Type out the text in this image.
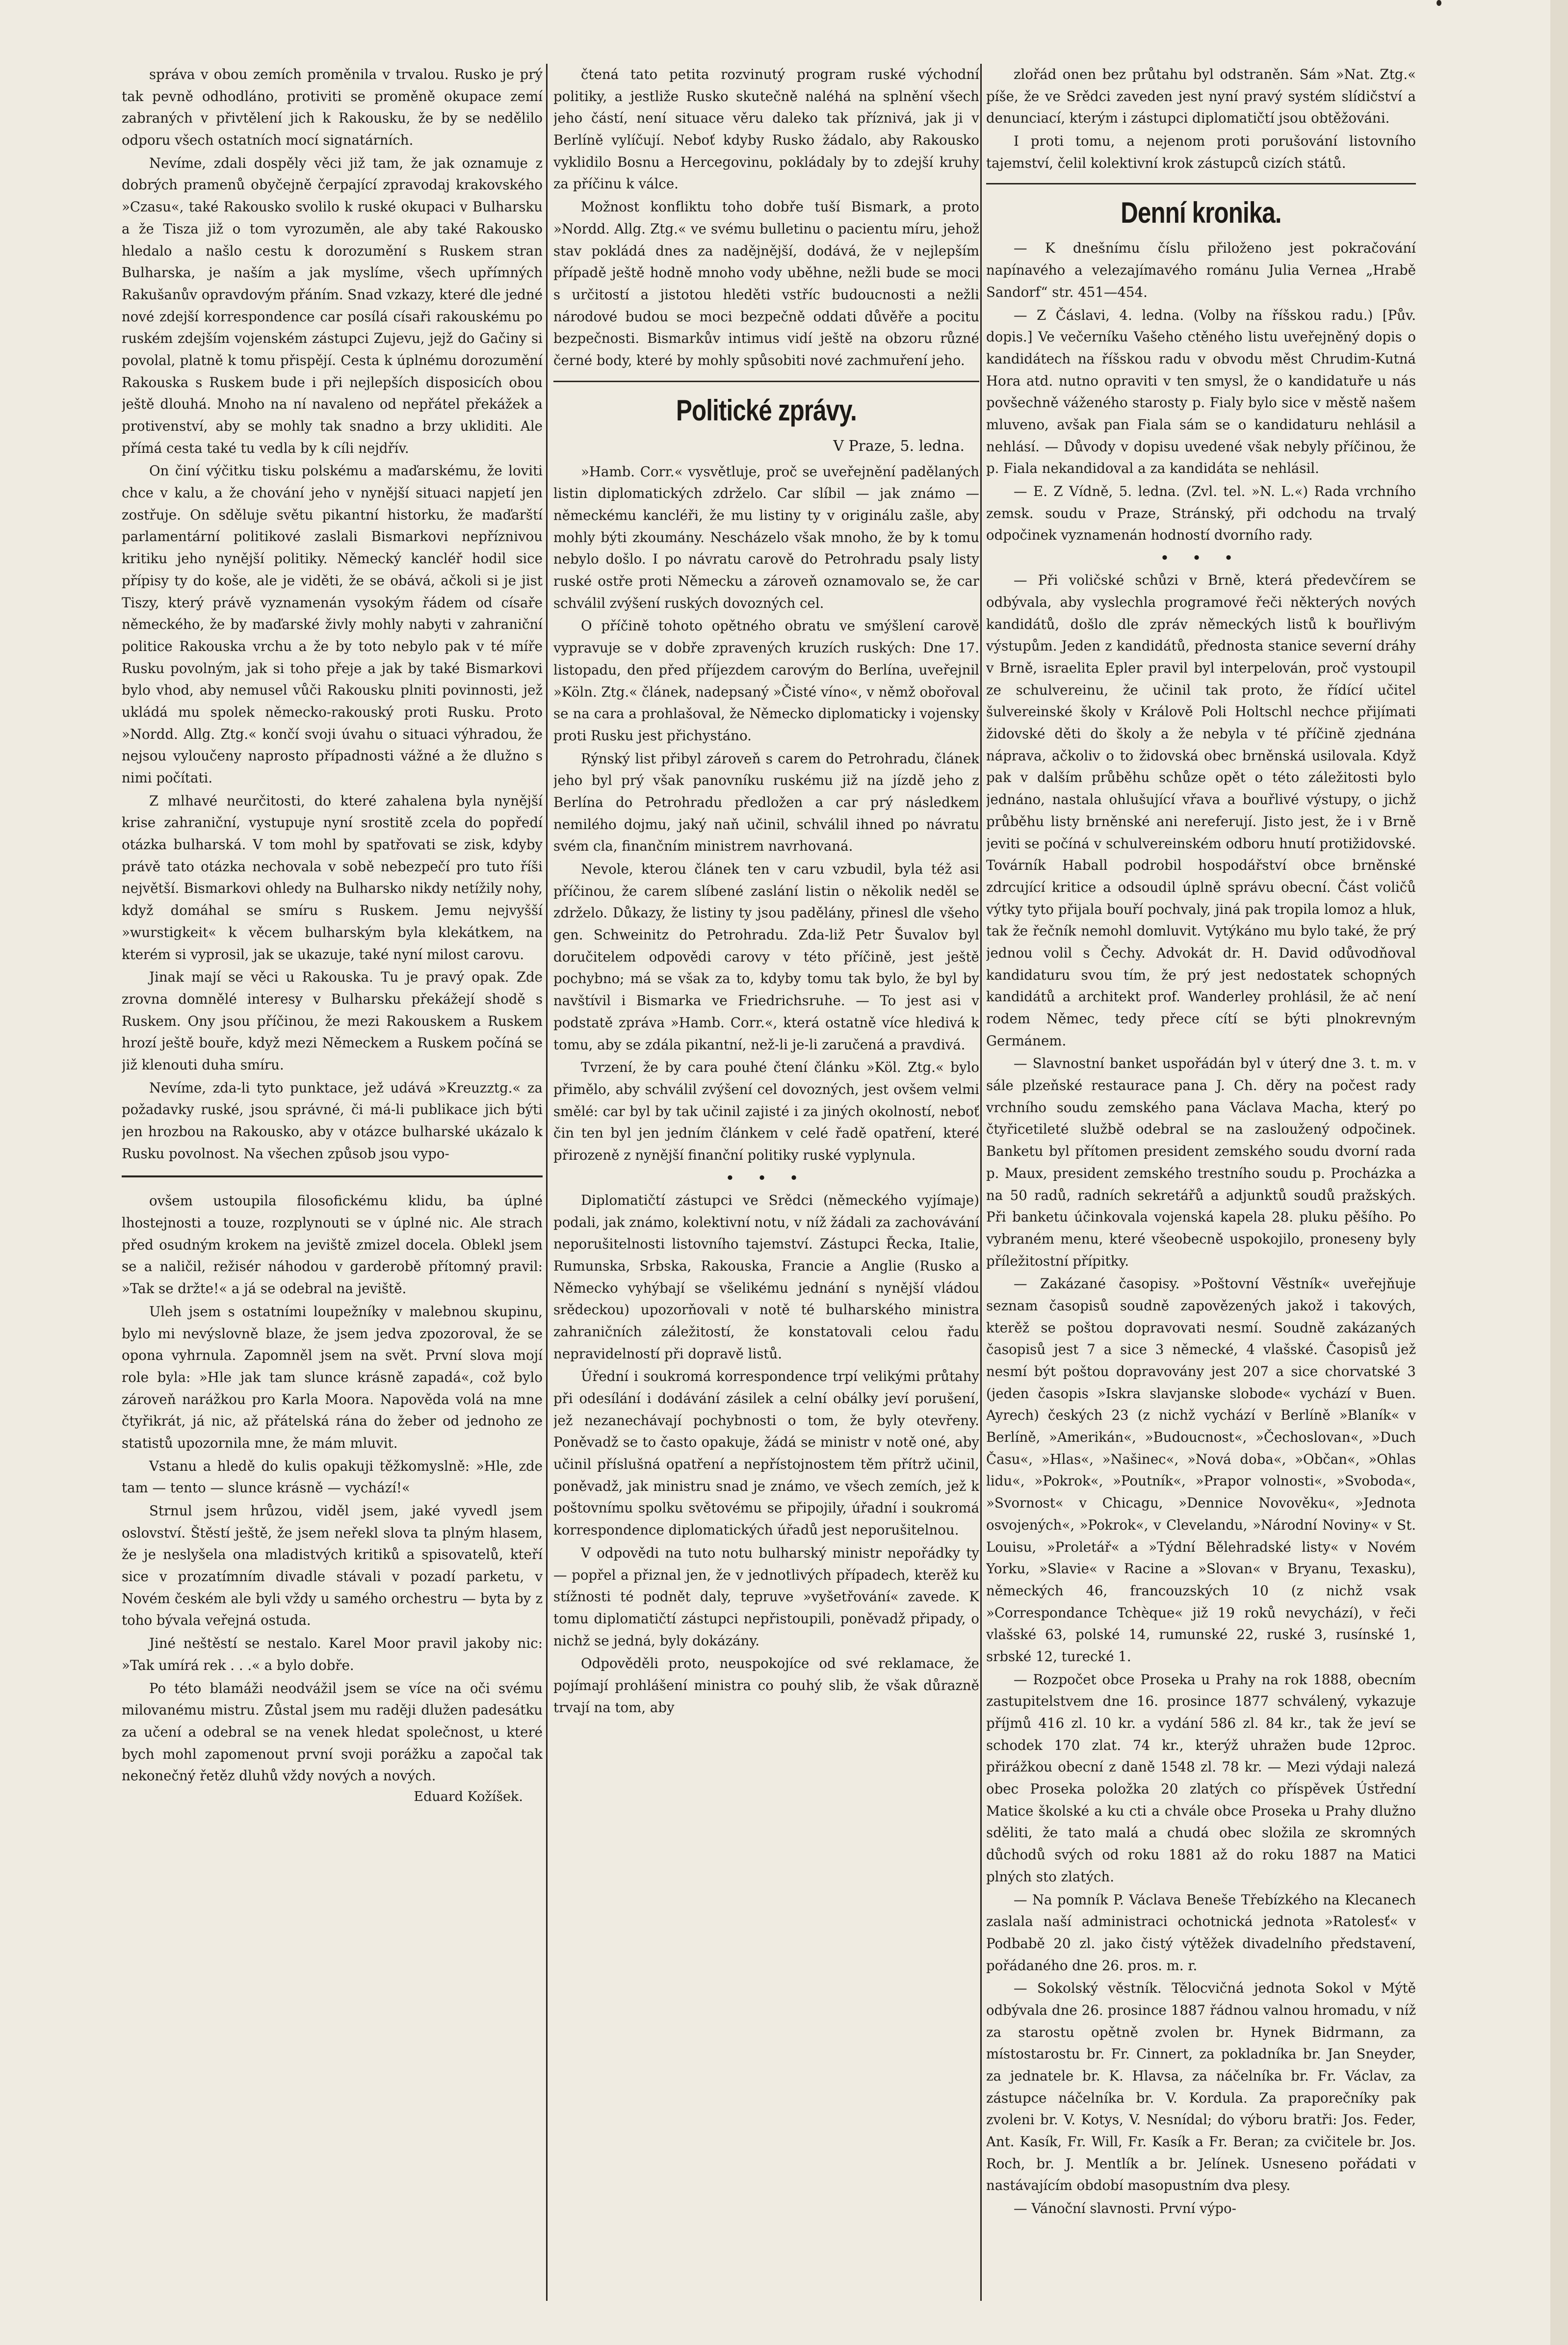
správa v obou zemích proměnila v trvalou. Rusko je prý tak pevně odhodláno, protiviti se proměně okupace zemí zabraných v přivtělení jich k Rakousku, že by se nedělilo odporu všech ostatních mocí signatárních.

Nevíme, zdali dospěly věci již tam, že jak oznamuje z dobrých pramenů obyčejně čerpající zpravodaj krakovského »Czasu«, také Rakousko svolilo k ruské okupaci v Bulharsku a že Tisza již o tom vyrozuměn, ale aby také Rakousko hledalo a našlo cestu k dorozumění s Ruskem stran Bulharska, je naším a jak myslíme, všech upřímných Rakušanův opravdovým přáním. Snad vzkazy, které dle jedné nové zdejší korrespondence car posílá císaři rakouskému po ruském zdejším vojenském zástupci Zujevu, jejž do Gačiny si povolal, platně k tomu přispějí. Cesta k úplnému dorozumění Rakouska s Ruskem bude i při nejlepších disposicích obou ještě dlouhá. Mnoho na ní navaleno od nepřátel překážek a protivenství, aby se mohly tak snadno a brzy ukliditi. Ale přímá cesta také tu vedla by k cíli nejdřív.

On činí výčitku tisku polskému a maďarskému, že loviti chce v kalu, a že chování jeho v nynější situaci napjetí jen zostřuje. On sděluje světu pikantní historku, že maďarští parlamentární politikové zaslali Bismarkovi nepříznivou kritiku jeho nynější politiky. Německý kancléř hodil sice přípisy ty do koše, ale je viděti, že se obává, ačkoli si je jist Tiszy, který právě vyznamenán vysokým řádem od císaře německého, že by maďarské živly mohly nabyti v zahraniční politice Rakouska vrchu a že by toto nebylo pak v té míře Rusku povolným, jak si toho přeje a jak by také Bismarkovi bylo vhod, aby nemusel vůči Rakousku plniti povinnosti, jež ukládá mu spolek německo-rakouský proti Rusku. Proto »Nordd. Allg. Ztg.« končí svoji úvahu o situaci výhradou, že nejsou vyloučeny naprosto případnosti vážné a že dlužno s nimi počítati.

Z mlhavé neurčitosti, do které zahalena byla nynější krise zahraniční, vystupuje nyní srostitě zcela do popředí otázka bulharská. V tom mohl by spatřovati se zisk, kdyby právě tato otázka nechovala v sobě nebezpečí pro tuto říši největší. Bismarkovi ohledy na Bulharsko nikdy netížily nohy, když domáhal se smíru s Ruskem. Jemu nejvyšší »wurstigkeit« k věcem bulharským byla klekátkem, na kterém si vyprosil, jak se ukazuje, také nyní milost carovu.

Jinak mají se věci u Rakouska. Tu je pravý opak. Zde zrovna domnělé interesy v Bulharsku překážejí shodě s Ruskem. Ony jsou příčinou, že mezi Rakouskem a Ruskem hrozí ještě bouře, když mezi Německem a Ruskem počíná se již klenouti duha smíru.

Nevíme, zda-li tyto punktace, jež udává »Kreuzztg.« za požadavky ruské, jsou správné, či má-li publikace jich býti jen hrozbou na Rakousko, aby v otázce bulharské ukázalo k Rusku povolnost. Na všechen způsob jsou vypo-

ovšem ustoupila filosofickému klidu, ba úplné lhostejnosti a touze, rozplynouti se v úplné nic. Ale strach před osudným krokem na jeviště zmizel docela. Oblekl jsem se a naličil, režisér náhodou v garderobě přítomný pravil: »Tak se držte!« a já se odebral na jeviště.

Uleh jsem s ostatními loupežníky v malebnou skupinu, bylo mi nevýslovně blaze, že jsem jedva zpozoroval, že se opona vyhrnula. Zapomněl jsem na svět. První slova mojí role byla: »Hle jak tam slunce krásně zapadá«, což bylo zároveň narážkou pro Karla Moora. Napověda volá na mne čtyřikrát, já nic, až přátelská rána do žeber od jednoho ze statistů upozornila mne, že mám mluvit.

Vstanu a hledě do kulis opakuji těžkomyslně: »Hle, zde tam — tento — slunce krásně — vychází!«

Strnul jsem hrůzou, viděl jsem, jaké vyvedl jsem oslovství. Štěstí ještě, že jsem neřekl slova ta plným hlasem, že je neslyšela ona mladistvých kritiků a spisovatelů, kteří sice v prozatímním divadle stávali v pozadí parketu, v Novém českém ale byli vždy u samého orchestru — byta by z toho bývala veřejná ostuda.

Jiné neštěstí se nestalo. Karel Moor pravil jakoby nic: »Tak umírá rek . . .« a bylo dobře.

Po této blamáži neodvážil jsem se více na oči svému milovanému mistru. Zůstal jsem mu raději dlužen padesátku za učení a odebral se na venek hledat společnost, u které bych mohl zapomenout první svoji porážku a započal tak nekonečný řetěz dluhů vždy nových a nových.

Eduard Kožíšek.

čtená tato petita rozvinutý program ruské východní politiky, a jestliže Rusko skutečně naléhá na splnění všech jeho částí, není situace věru daleko tak příznivá, jak ji v Berlíně vylíčují. Neboť kdyby Rusko žádalo, aby Rakousko vyklidilo Bosnu a Hercegovinu, pokládaly by to zdejší kruhy za příčinu k válce.

Možnost konfliktu toho dobře tuší Bismark, a proto »Nordd. Allg. Ztg.« ve svému bulletinu o pacientu míru, jehož stav pokládá dnes za nadějnější, dodává, že v nejlepším případě ještě hodně mnoho vody uběhne, nežli bude se moci s určitostí a jistotou hleděti vstříc budoucnosti a nežli národové budou se moci bezpečně oddati důvěře a pocitu bezpečnosti. Bismarkův intimus vidí ještě na obzoru různé černé body, které by mohly spůsobiti nové zachmuření jeho.

Politické zprávy.
V Praze, 5. ledna.

»Hamb. Corr.« vysvětluje, proč se uveřejnění padělaných listin diplomatických zdrželo. Car slíbil — jak známo — německému kancléři, že mu listiny ty v originálu zašle, aby mohly býti zkoumány. Nescházelo však mnoho, že by k tomu nebylo došlo. I po návratu carově do Petrohradu psaly listy ruské ostře proti Německu a zároveň oznamovalo se, že car schválil zvýšení ruských dovozných cel.

O příčině tohoto opětného obratu ve smýšlení carově vypravuje se v dobře zpravených kruzích ruských: Dne 17. listopadu, den před příjezdem carovým do Berlína, uveřejnil »Köln. Ztg.« článek, nadepsaný »Čisté víno«, v němž obořoval se na cara a prohlašoval, že Německo diplomaticky i vojensky proti Rusku jest přichystáno.

Rýnský list přibyl zároveň s carem do Petrohradu, článek jeho byl prý však panovníku ruskému již na jízdě jeho z Berlína do Petrohradu předložen a car prý následkem nemilého dojmu, jaký naň učinil, schválil ihned po návratu svém cla, finančním ministrem navrhovaná.

Nevole, kterou článek ten v caru vzbudil, byla též asi příčinou, že carem slíbené zaslání listin o několik neděl se zdrželo. Důkazy, že listiny ty jsou padělány, přinesl dle všeho gen. Schweinitz do Petrohradu. Zda-liž Petr Šuvalov byl doručitelem odpovědi carovy v této příčině, jest ještě pochybno; má se však za to, kdyby tomu tak bylo, že byl by navštívil i Bismarka ve Friedrichsruhe. — To jest asi v podstatě zpráva »Hamb. Corr.«, která ostatně více hledivá k tomu, aby se zdála pikantní, než-li je-li zaručená a pravdivá.

Tvrzení, že by cara pouhé čtení článku »Köl. Ztg.« bylo přimělo, aby schválil zvýšení cel dovozných, jest ovšem velmi smělé: car byl by tak učinil zajisté i za jiných okolností, neboť čin ten byl jen jedním článkem v celé řadě opatření, které přirozeně z nynější finanční politiky ruské vyplynula.

• • •

Diplomatičtí zástupci ve Srědci (německého vyjímaje) podali, jak známo, kolektivní notu, v níž žádali za zachovávání neporušitelnosti listovního tajemství. Zástupci Řecka, Italie, Rumunska, Srbska, Rakouska, Francie a Anglie (Rusko a Německo vyhýbají se všelikému jednání s nynější vládou srědeckou) upozorňovali v notě té bulharského ministra zahraničních záležitostí, že konstatovali celou řadu nepravidelností při dopravě listů.

Úřední i soukromá korrespondence trpí velikými průtahy při odesílání i dodávání zásilek a celní obálky jeví porušení, jež nezanechávají pochybnosti o tom, že byly otevřeny. Poněvadž se to často opakuje, žádá se ministr v notě oné, aby učinil příslušná opatření a nepřístojnostem těm přítrž učinil, poněvadž, jak ministru snad je známo, ve všech zemích, jež k poštovnímu spolku světovému se připojily, úřadní i soukromá korrespondence diplomatických úřadů jest neporušitelnou.

V odpovědi na tuto notu bulharský ministr nepořádky ty — popřel a přiznal jen, že v jednotlivých případech, kterěž ku stížnosti té podnět daly, tepruve »vyšetřování« zavede. K tomu diplomatičtí zástupci nepřistoupili, poněvadž připady, o nichž se jedná, byly dokázány.

Odpověděli proto, neuspokojíce od své reklamace, že pojímají prohlášení ministra co pouhý slib, že však důrazně trvají na tom, aby

zlořád onen bez průtahu byl odstraněn. Sám »Nat. Ztg.« píše, že ve Srědci zaveden jest nyní pravý systém slídičství a denunciací, kterým i zástupci diplomatičtí jsou obtěžováni.

I proti tomu, a nejenom proti porušování listovního tajemství, čelil kolektivní krok zástupců cizích států.

Denní kronika.

— K dnešnímu číslu přiloženo jest pokračování napínavého a velezajímavého románu Julia Vernea „Hrabě Sandorf“ str. 451—454.

— Z Čáslavi, 4. ledna. (Volby na říšskou radu.) [Pův. dopis.] Ve večerníku Vašeho ctěného listu uveřejněný dopis o kandidátech na říšskou radu v obvodu měst Chrudim-Kutná Hora atd. nutno opraviti v ten smysl, že o kandidatuře u nás povšechně váženého starosty p. Fialy bylo sice v městě našem mluveno, avšak pan Fiala sám se o kandidaturu nehlásil a nehlásí. — Důvody v dopisu uvedené však nebyly příčinou, že p. Fiala nekandidoval a za kandidáta se nehlásil.

— E. Z Vídně, 5. ledna. (Zvl. tel. »N. L.«) Rada vrchního zemsk. soudu v Praze, Stránský, při odchodu na trvalý odpočinek vyznamenán hodností dvorního rady.

• • •

— Při voličské schůzi v Brně, která předevčírem se odbývala, aby vyslechla programové řeči některých nových kandidátů, došlo dle zpráv německých listů k bouřlivým výstupům. Jeden z kandidátů, přednosta stanice severní dráhy v Brně, israelita Epler pravil byl interpelován, proč vystoupil ze schulvereinu, že učinil tak proto, že řídící učitel šulvereinské školy v Králově Poli Holtschl nechce přijímati židovské děti do školy a že nebyla v té příčině zjednána náprava, ačkoliv o to židovská obec brněnská usilovala. Když pak v dalším průběhu schůze opět o této záležitosti bylo jednáno, nastala ohlušující vřava a bouřlivé výstupy, o jichž průběhu listy brněnské ani nereferují. Jisto jest, že i v Brně jeviti se počíná v schulvereinském odboru hnutí protižidovské. Továrník Haball podrobil hospodářství obce brněnské zdrcující kritice a odsoudil úplně správu obecní. Část voličů výtky tyto přijala bouří pochvaly, jiná pak tropila lomoz a hluk, tak že řečník nemohl domluvit. Vytýkáno mu bylo také, že prý jednou volil s Čechy. Advokát dr. H. David odůvodňoval kandidaturu svou tím, že prý jest nedostatek schopných kandidátů a architekt prof. Wanderley prohlásil, že ač není rodem Němec, tedy přece cítí se býti plnokrevným Germánem.

— Slavnostní banket uspořádán byl v úterý dne 3. t. m. v sále plzeňské restaurace pana J. Ch. děry na počest rady vrchního soudu zemského pana Václava Macha, který po čtyřicetileté službě odebral se na zasloužený odpočinek. Banketu byl přítomen president zemského soudu dvorní rada p. Maux, president zemského trestního soudu p. Procházka a na 50 radů, radních sekretářů a adjunktů soudů pražských. Při banketu účinkovala vojenská kapela 28. pluku pěšího. Po vybraném menu, které všeobecně uspokojilo, proneseny byly příležitostní přípitky.

— Zakázané časopisy. »Poštovní Věstník« uveřejňuje seznam časopisů soudně zapovězených jakož i takových, kterěž se poštou dopravovati nesmí. Soudně zakázaných časopisů jest 7 a sice 3 německé, 4 vlašské. Časopisů jež nesmí být poštou dopravovány jest 207 a sice chorvatské 3 (jeden časopis »Iskra slavjanske slobode« vychází v Buen. Ayrech) českých 23 (z nichž vychází v Berlíně »Blaník« v Berlíně, »Amerikán«, »Budoucnost«, »Čechoslovan«, »Duch Času«, »Hlas«, »Našinec«, »Nová doba«, »Občan«, »Ohlas lidu«, »Pokrok«, »Poutník«, »Prapor volnosti«, »Svoboda«, »Svornost« v Chicagu, »Dennice Novověku«, »Jednota osvojených«, »Pokrok«, v Clevelandu, »Národní Noviny« v St. Louisu, »Proletář« a »Týdní Bělehradské listy« v Novém Yorku, »Slavie« v Racine a »Slovan« v Bryanu, Texasku), německých 46, francouzských 10 (z nichž vsak »Correspondance Tchèque« již 19 roků nevychází), v řeči vlašské 63, polské 14, rumunské 22, ruské 3, rusínské 1, srbské 12, turecké 1.

— Rozpočet obce Proseka u Prahy na rok 1888, obecním zastupitelstvem dne 16. prosince 1877 schválený, vykazuje příjmů 416 zl. 10 kr. a vydání 586 zl. 84 kr., tak že jeví se schodek 170 zlat. 74 kr., kterýž uhražen bude 12proc. přirážkou obecní z daně 1548 zl. 78 kr. — Mezi výdaji nalezá obec Proseka položka 20 zlatých co příspěvek Ústřední Matice školské a ku cti a chvále obce Proseka u Prahy dlužno sděliti, že tato malá a chudá obec složila ze skromných důchodů svých od roku 1881 až do roku 1887 na Matici plných sto zlatých.

— Na pomník P. Václava Beneše Třebízkého na Klecanech zaslala naší administraci ochotnická jednota »Ratolesť« v Podbabě 20 zl. jako čistý výtěžek divadelního představení, pořádaného dne 26. pros. m. r.

— Sokolský věstník. Tělocvičná jednota Sokol v Mýtě odbývala dne 26. prosince 1887 řádnou valnou hromadu, v níž za starostu opětně zvolen br. Hynek Bidrmann, za místostarostu br. Fr. Cinnert, za pokladníka br. Jan Sneyder, za jednatele br. K. Hlavsa, za náčelníka br. Fr. Václav, za zástupce náčelníka br. V. Kordula. Za praporečníky pak zvoleni br. V. Kotys, V. Nesnídal; do výboru bratři: Jos. Feder, Ant. Kasík, Fr. Will, Fr. Kasík a Fr. Beran; za cvičitele br. Jos. Roch, br. J. Mentlík a br. Jelínek. Usneseno pořádati v nastávajícím období masopustním dva plesy.

— Vánoční slavnosti. První výpo-
